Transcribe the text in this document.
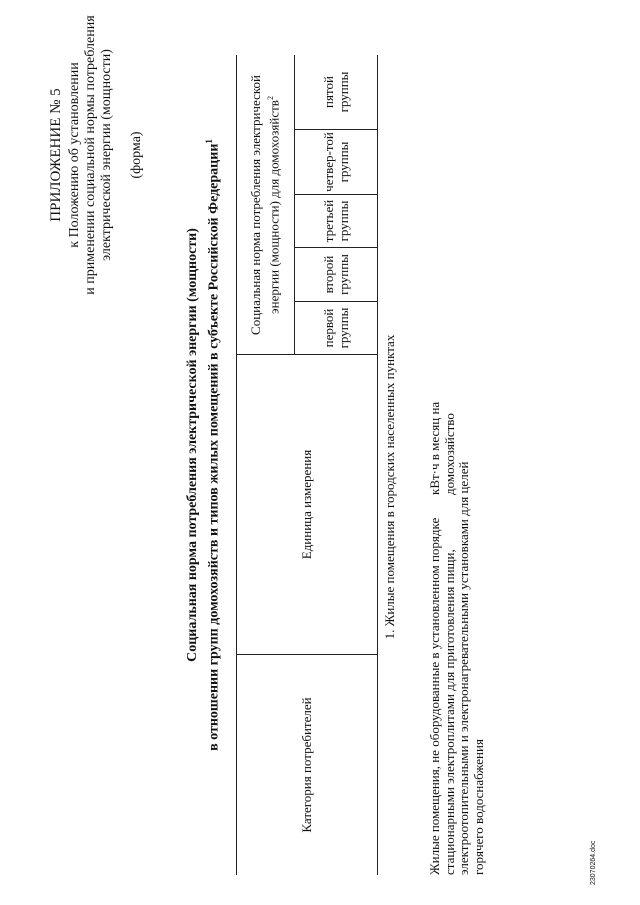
ПРИЛОЖЕНИЕ № 5 к Положению об установлении и применении социальной нормы потребления электрической энергии (мощности) (форма)
Социальная норма потребления электрической энергии (мощности) в отношении групп домохозяйств и типов жилых помещений в субъекте Российской Федерации$^1$
Категория потребителей
Единица измерения
Социальная норма потребления электрической энергии (мощности) для домохозяйств$^2$
первой группы
второй группы
третьей группы
четвер-той группы
пятой группы
1. Жилые помещения в городских населенных пунктах
Жилые помещения, не оборудованные в установленном порядке стационарными электроплитами для приготовления пищи, электроотопительными и электронагревательными установками для целей горячего водоснабжения
кВт·ч в месяц на домохозяйство
23070264.doc
